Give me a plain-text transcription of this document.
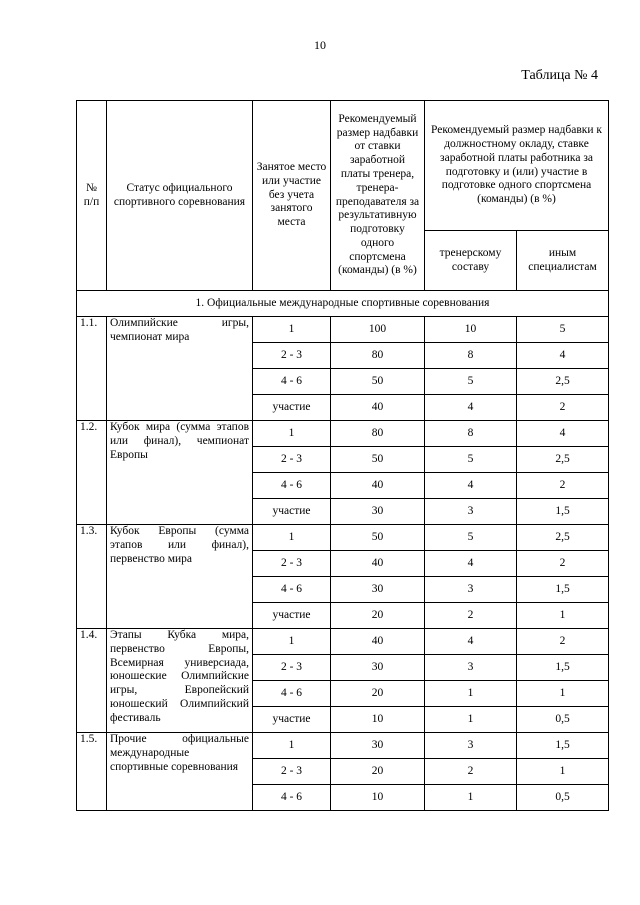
10
Таблица № 4
№ п/п	Статус официального спортивного соревнования	Занятое место или участие без учета занятого места	Рекомендуемый размер надбавки от ставки заработной платы тренера, тренера-преподавателя за результативную подготовку одного спортсмена (команды) (в %)	Рекомендуемый размер надбавки к должностному окладу, ставке заработной платы работника за подготовку и (или) участие в подготовке одного спортсмена (команды) (в %)	
				тренерскому составу	иным специалистам
1. Официальные международные спортивные соревнования					
1.1.	Олимпийские игры, чемпионат мира	1	100	10	5
		2 - 3	80	8	4
		4 - 6	50	5	2,5
		участие	40	4	2
1.2.	Кубок мира (сумма этапов или финал), чемпионат Европы	1	80	8	4
		2 - 3	50	5	2,5
		4 - 6	40	4	2
		участие	30	3	1,5
1.3.	Кубок Европы (сумма этапов или финал), первенство мира	1	50	5	2,5
		2 - 3	40	4	2
		4 - 6	30	3	1,5
		участие	20	2	1
1.4.	Этапы Кубка мира, первенство Европы, Всемирная универсиада, юношеские Олимпийские игры, Европейский юношеский Олимпийский фестиваль	1	40	4	2
		2 - 3	30	3	1,5
		4 - 6	20	1	1
		участие	10	1	0,5
1.5.	Прочие официальные международные спортивные соревнования	1	30	3	1,5
		2 - 3	20	2	1
		4 - 6	10	1	0,5
